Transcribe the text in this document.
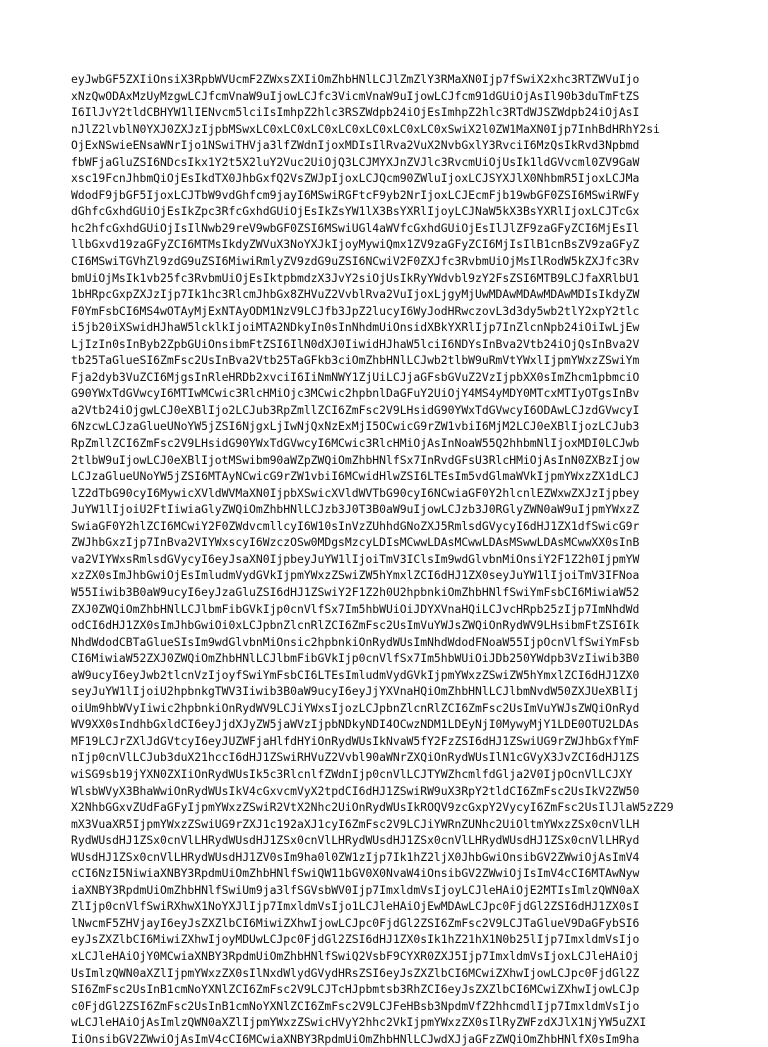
eyJwbGF5ZXIiOnsiX3RpbWVUcmF2ZWxsZXIiOmZhbHNlLCJlZmZlY3RMaXN0Ijp7fSwiX2xhc3RTZWVuIjo
xNzQwODAxMzUyMzgwLCJfcmVnaW9uIjowLCJfc3VicmVnaW9uIjowLCJfcm91dGUiOjAsIl90b3duTmFtZS
I6IlJvY2tldCBHYW1lIENvcm5lciIsImhpZ2hlc3RSZWdpb24iOjEsImhpZ2hlc3RTdWJSZWdpb24iOjAsI
nJlZ2lvblN0YXJ0ZXJzIjpbMSwxLC0xLC0xLC0xLC0xLC0xLC0xLC0xSwiX2l0ZW1MaXN0Ijp7InhBdHRhY2si
OjExNSwieENsaWNrIjo1NSwiTHVja3lfZWdnIjoxMDIsIlRva2VuX2NvbGxlY3RvciI6MzQsIkRvd3Npbmd
fbWFjaGluZSI6NDcsIkx1Y2t5X2luY2Vuc2UiOjQ3LCJMYXJnZVJlc3RvcmUiOjUsIk1ldGVvcml0ZV9GaW
xsc19FcnJhbmQiOjEsIkdTX0JhbGxfQ2VsZWJpIjoxLCJQcm90ZWluIjoxLCJSYXJlX0NhbmR5IjoxLCJMa
WdodF9jbGF5IjoxLCJTbW9vdGhfcm9jayI6MSwiRGFtcF9yb2NrIjoxLCJEcmFjb19wbGF0ZSI6MSwiRWFy
dGhfcGxhdGUiOjEsIkZpc3RfcGxhdGUiOjEsIkZsYW1lX3BsYXRlIjoyLCJNaW5kX3BsYXRlIjoxLCJTcGx
hc2hfcGxhdGUiOjIsIlNwb29reV9wbGF0ZSI6MSwiUGl4aWVfcGxhdGUiOjEsIlJlZF9zaGFyZCI6MjEsIl
llbGxvd19zaGFyZCI6MTMsIkdyZWVuX3NoYXJkIjoyMywiQmx1ZV9zaGFyZCI6MjIsIlB1cnBsZV9zaGFyZ
CI6MSwiTGVhZl9zdG9uZSI6MiwiRmlyZV9zdG9uZSI6NCwiV2F0ZXJfc3RvbmUiOjMsIlRodW5kZXJfc3Rv
bmUiOjMsIk1vb25fc3RvbmUiOjEsIktpbmdzX3JvY2siOjUsIkRyYWdvbl9zY2FsZSI6MTB9LCJfaXRlbU1
1bHRpcGxpZXJzIjp7Ik1hc3RlcmJhbGx8ZHVuZ2VvblRva2VuIjoxLjgyMjUwMDAwMDAwMDAwMDIsIkdyZW
F0YmFsbCI6MS4wOTAyMjExNTAyODM1NzV9LCJfb3JpZ2lucyI6WyJodHRwczovL3d3dy5wb2tlY2xpY2tlc
i5jb20iXSwidHJhaW5lcklkIjoiMTA2NDkyIn0sInNhdmUiOnsidXBkYXRlIjp7InZlcnNpb24iOiIwLjEw
LjIzIn0sInByb2ZpbGUiOnsibmFtZSI6IlN0dXJ0IiwidHJhaW5lciI6NDYsInBva2Vtb24iOjQsInBva2V
tb25TaGlueSI6ZmFsc2UsInBva2Vtb25TaGFkb3ciOmZhbHNlLCJwb2tlbW9uRmVtYWxlIjpmYWxzZSwiYm
Fja2dyb3VuZCI6MjgsInRleHRDb2xvciI6IiNmNWY1ZjUiLCJjaGFsbGVuZ2VzIjpbXX0sImZhcm1pbmciO
G90YWxTdGVwcyI6MTIwMCwic3RlcHMiOjc3MCwic2hpbnlDaGFuY2UiOjY4MS4yMDY0MTcxMTIyOTgsInBv
a2Vtb24iOjgwLCJ0eXBlIjo2LCJub3RpZmllZCI6ZmFsc2V9LHsidG90YWxTdGVwcyI6ODAwLCJzdGVwcyI
6NzcwLCJzaGlueUNoYW5jZSI6NjgxLjIwNjQxNzExMjI5OCwicG9rZW1vbiI6MjM2LCJ0eXBlIjozLCJub3
RpZmllZCI6ZmFsc2V9LHsidG90YWxTdGVwcyI6MCwic3RlcHMiOjAsInNoaW55Q2hhbmNlIjoxMDI0LCJwb
2tlbW9uIjowLCJ0eXBlIjotMSwibm90aWZpZWQiOmZhbHNlfSx7InRvdGFsU3RlcHMiOjAsInN0ZXBzIjow
LCJzaGlueUNoYW5jZSI6MTAyNCwicG9rZW1vbiI6MCwidHlwZSI6LTEsIm5vdGlmaWVkIjpmYWxzZX1dLCJ
lZ2dTbG90cyI6MywicXVldWVMaXN0IjpbXSwicXVldWVTbG90cyI6NCwiaGF0Y2hlcnlEZWxwZXJzIjpbey
JuYW1lIjoiU2FtIiwiaGlyZWQiOmZhbHNlLCJzb3J0T3B0aW9uIjowLCJzb3J0RGlyZWN0aW9uIjpmYWxzZ
SwiaGF0Y2hlZCI6MCwiY2F0ZWdvcmllcyI6W10sInVzZUhhdGNoZXJ5RmlsdGVycyI6dHJ1ZX1dfSwicG9r
ZWJhbGxzIjp7InBva2VIYWxscyI6WzczOSw0MDgsMzcyLDIsMCwwLDAsMCwwLDAsMSwwLDAsMCwwXX0sInB
va2VIYWxsRmlsdGVycyI6eyJsaXN0IjpbeyJuYW1lIjoiTmV3IClsIm9wdGlvbnMiOnsiY2F1Z2h0IjpmYW
xzZX0sImJhbGwiOjEsImludmVydGVkIjpmYWxzZSwiZW5hYmxlZCI6dHJ1ZX0seyJuYW1lIjoiTmV3IFNoa
W55Iiwib3B0aW9ucyI6eyJzaGluZSI6dHJ1ZSwiY2F1Z2h0U2hpbnkiOmZhbHNlfSwiYmFsbCI6MiwiaW52
ZXJ0ZWQiOmZhbHNlLCJlbmFibGVkIjp0cnVlfSx7Im5hbWUiOiJDYXVnaHQiLCJvcHRpb25zIjp7ImNhdWd
odCI6dHJ1ZX0sImJhbGwiOi0xLCJpbnZlcnRlZCI6ZmFsc2UsImVuYWJsZWQiOnRydWV9LHsibmFtZSI6Ik
NhdWdodCBTaGlueSIsIm9wdGlvbnMiOnsic2hpbnkiOnRydWUsImNhdWdodFNoaW55IjpOcnVlfSwiYmFsb
CI6MiwiaW52ZXJ0ZWQiOmZhbHNlLCJlbmFibGVkIjp0cnVlfSx7Im5hbWUiOiJDb250YWdpb3VzIiwib3B0
aW9ucyI6eyJwb2tlcnVzIjoyfSwiYmFsbCI6LTEsImludmVydGVkIjpmYWxzZSwiZW5hYmxlZCI6dHJ1ZX0
seyJuYW1lIjoiU2hpbnkgTWV3Iiwib3B0aW9ucyI6eyJjYXVnaHQiOmZhbHNlLCJlbmNvdW50ZXJUeXBlIj
oiUm9hbWVyIiwic2hpbnkiOnRydWV9LCJiYWxsIjozLCJpbnZlcnRlZCI6ZmFsc2UsImVuYWJsZWQiOnRyd
WV9XX0sIndhbGxldCI6eyJjdXJyZW5jaWVzIjpbNDkyNDI4OCwzNDM1LDEyNjI0MywyMjY1LDE0OTU2LDAs
MF19LCJrZXlJdGVtcyI6eyJUZWFjaHlfdHYiOnRydWUsIkNvaW5fY2FzZSI6dHJ1ZSwiUG9rZWJhbGxfYmF
nIjp0cnVlLCJub3duX21hccI6dHJ1ZSwiRHVuZ2Vvbl90aWNrZXQiOnRydWUsIlN1cGVyX3JvZCI6dHJ1ZS
wiSG9sb19jYXN0ZXIiOnRydWUsIk5c3RlcnlfZWdnIjp0cnVlLCJTYWZhcmlfdGlja2V0IjpOcnVlLCJXY
WlsbWVyX3BhaWwiOnRydWUsIkV4cGxvcmVyX2tpdCI6dHJ1ZSwiRW9uX3RpY2tldCI6ZmFsc2UsIkV2ZW50
X2NhbGGxvZUdFaGFyIjpmYWxzZSwiR2VtX2Nhc2UiOnRydWUsIkROQV9zcGxpY2VycyI6ZmFsc2UsIlJlaW5zZ29
mX3VuaXR5IjpmYWxzZSwiUG9rZXJ1c192aXJ1cyI6ZmFsc2V9LCJiYWRnZUNhc2UiOltmYWxzZSx0cnVlLH
RydWUsdHJ1ZSx0cnVlLHRydWUsdHJ1ZSx0cnVlLHRydWUsdHJ1ZSx0cnVlLHRydWUsdHJ1ZSx0cnVlLHRyd
WUsdHJ1ZSx0cnVlLHRydWUsdHJ1ZV0sIm9ha0l0ZW1zIjp7Ik1hZ2ljX0JhbGwiOnsibGV2ZWwiOjAsImV4
cCI6NzI5NiwiaXNBY3RpdmUiOmZhbHNlfSwiQW11bGV0X0NvaW4iOnsibGV2ZWwiOjIsImV4cCI6MTAwNyw
iaXNBY3RpdmUiOmZhbHNlfSwiUm9ja3lfSGVsbWV0Ijp7ImxldmVsIjoyLCJleHAiOjE2MTIsImlzQWN0aX
ZlIjp0cnVlfSwiRXhwX1NoYXJlIjp7ImxldmVsIjo1LCJleHAiOjEwMDAwLCJpc0FjdGl2ZSI6dHJ1ZX0sI
lNwcmF5ZHVjayI6eyJsZXZlbCI6MiwiZXhwIjowLCJpc0FjdGl2ZSI6ZmFsc2V9LCJTaGlueV9DaGFybSI6
eyJsZXZlbCI6MiwiZXhwIjoyMDUwLCJpc0FjdGl2ZSI6dHJ1ZX0sIk1hZ21hX1N0b25lIjp7ImxldmVsIjo
xLCJleHAiOjY0MCwiaXNBY3RpdmUiOmZhbHNlfSwiQ2VsbF9CYXR0ZXJ5Ijp7ImxldmVsIjoxLCJleHAiOj
UsImlzQWN0aXZlIjpmYWxzZX0sIlNxdWlydGVydHRsZSI6eyJsZXZlbCI6MCwiZXhwIjowLCJpc0FjdGl2Z
SI6ZmFsc2UsInB1cmNoYXNlZCI6ZmFsc2V9LCJTcHJpbmtsb3RhZCI6eyJsZXZlbCI6MCwiZXhwIjowLCJp
c0FjdGl2ZSI6ZmFsc2UsInB1cmNoYXNlZCI6ZmFsc2V9LCJFeHBsb3NpdmVfZ2hhcmdlIjp7ImxldmVsIjo
wLCJleHAiOjAsImlzQWN0aXZlIjpmYWxzZSwicHVyY2hhc2VkIjpmYWxzZX0sIlRyZWFzdXJlX1NjYW5uZXI
IiOnsibGV2ZWwiOjAsImV4cCI6MCwiaXNBY3RpdmUiOmZhbHNlLCJwdXJjaGFzZWQiOmZhbHNlfX0sIm9ha
